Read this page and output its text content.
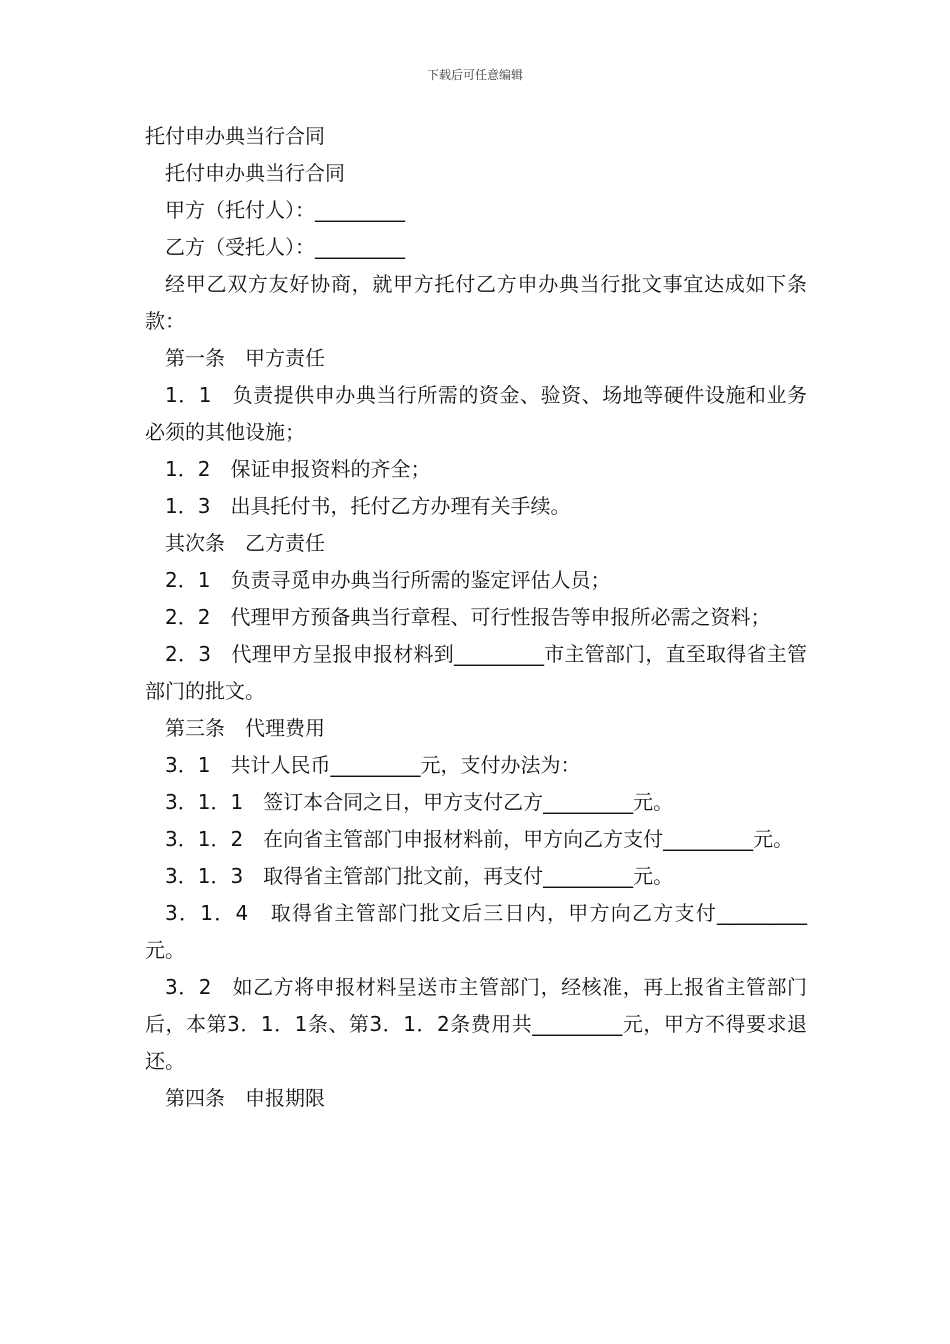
下载后可任意编辑
托付申办典当行合同
托付申办典当行合同
甲方（托付人）：_________
乙方（受托人）：_________
经甲乙双方友好协商，就甲方托付乙方申办典当行批文事宜达成如下条款：
第一条　甲方责任
1．1　负责提供申办典当行所需的资金、验资、场地等硬件设施和业务必须的其他设施；
1．2　保证申报资料的齐全；
1．3　出具托付书，托付乙方办理有关手续。
其次条　乙方责任
2．1　负责寻觅申办典当行所需的鉴定评估人员；
2．2　代理甲方预备典当行章程、可行性报告等申报所必需之资料；
2．3　代理甲方呈报申报材料到_________市主管部门，直至取得省主管部门的批文。
第三条　代理费用
3．1　共计人民币_________元，支付办法为：
3．1．1　签订本合同之日，甲方支付乙方_________元。
3．1．2　在向省主管部门申报材料前，甲方向乙方支付_________元。
3．1．3　取得省主管部门批文前，再支付_________元。
3．1．4　取得省主管部门批文后三日内，甲方向乙方支付_________元。
3．2　如乙方将申报材料呈送市主管部门，经核准，再上报省主管部门后，本第3．1．1条、第3．1．2条费用共_________元，甲方不得要求退还。
第四条　申报期限
